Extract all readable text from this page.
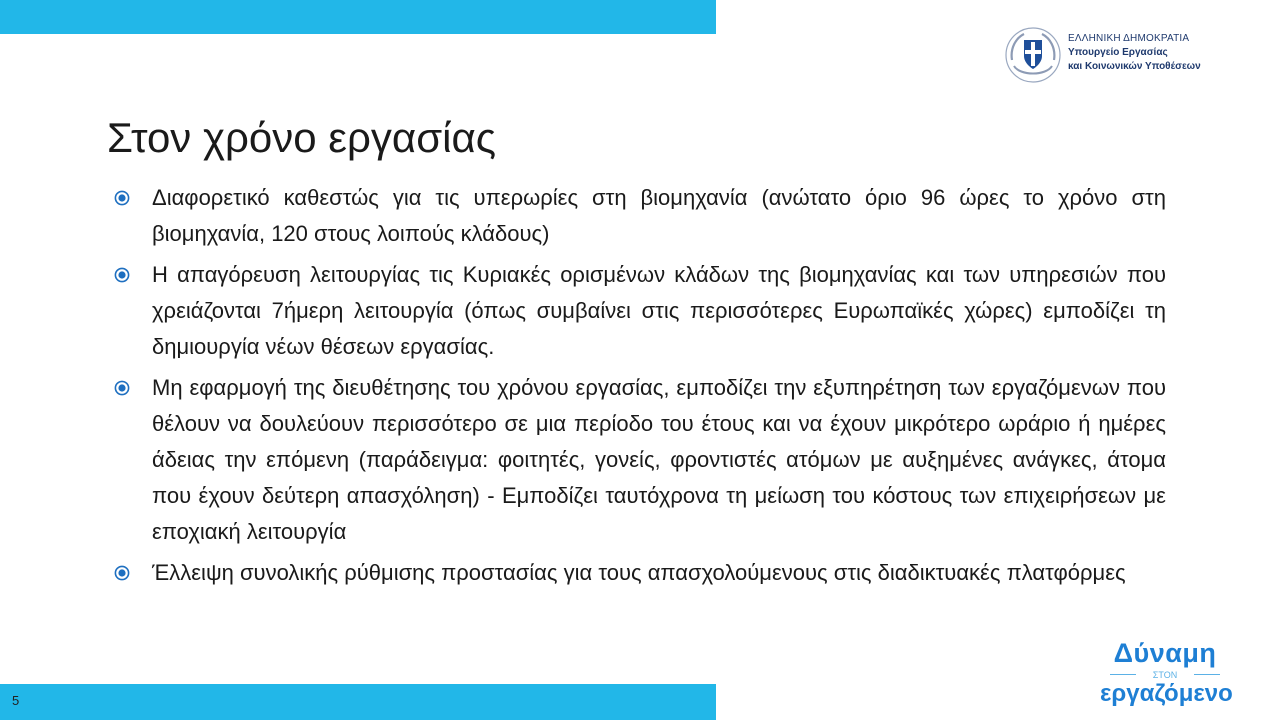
ΕΛΛΗΝΙΚΗ ΔΗΜΟΚΡΑΤΙΑ
Υπουργείο Εργασίας
και Κοινωνικών Υποθέσεων
Στον χρόνο εργασίας
Διαφορετικό καθεστώς για τις υπερωρίες στη βιομηχανία (ανώτατο όριο 96 ώρες το χρόνο στη βιομηχανία, 120 στους λοιπούς κλάδους)
Η απαγόρευση λειτουργίας τις Κυριακές ορισμένων κλάδων της βιομηχανίας και των υπηρεσιών που χρειάζονται 7ήμερη λειτουργία (όπως συμβαίνει στις περισσότερες Ευρωπαϊκές χώρες) εμποδίζει τη δημιουργία νέων θέσεων εργασίας.
Μη εφαρμογή της διευθέτησης του χρόνου εργασίας, εμποδίζει την εξυπηρέτηση των εργαζόμενων που θέλουν να δουλεύουν περισσότερο σε μια περίοδο του έτους και να έχουν μικρότερο ωράριο ή ημέρες άδειας την επόμενη (παράδειγμα: φοιτητές, γονείς, φροντιστές ατόμων με αυξημένες ανάγκες, άτομα που έχουν δεύτερη απασχόληση) - Εμποδίζει ταυτόχρονα τη μείωση του κόστους των επιχειρήσεων με εποχιακή λειτουργία
Έλλειψη συνολικής ρύθμισης προστασίας για τους απασχολούμενους στις διαδικτυακές πλατφόρμες
5
Δύναμη
ΣΤΟΝ
εργαζόμενο
